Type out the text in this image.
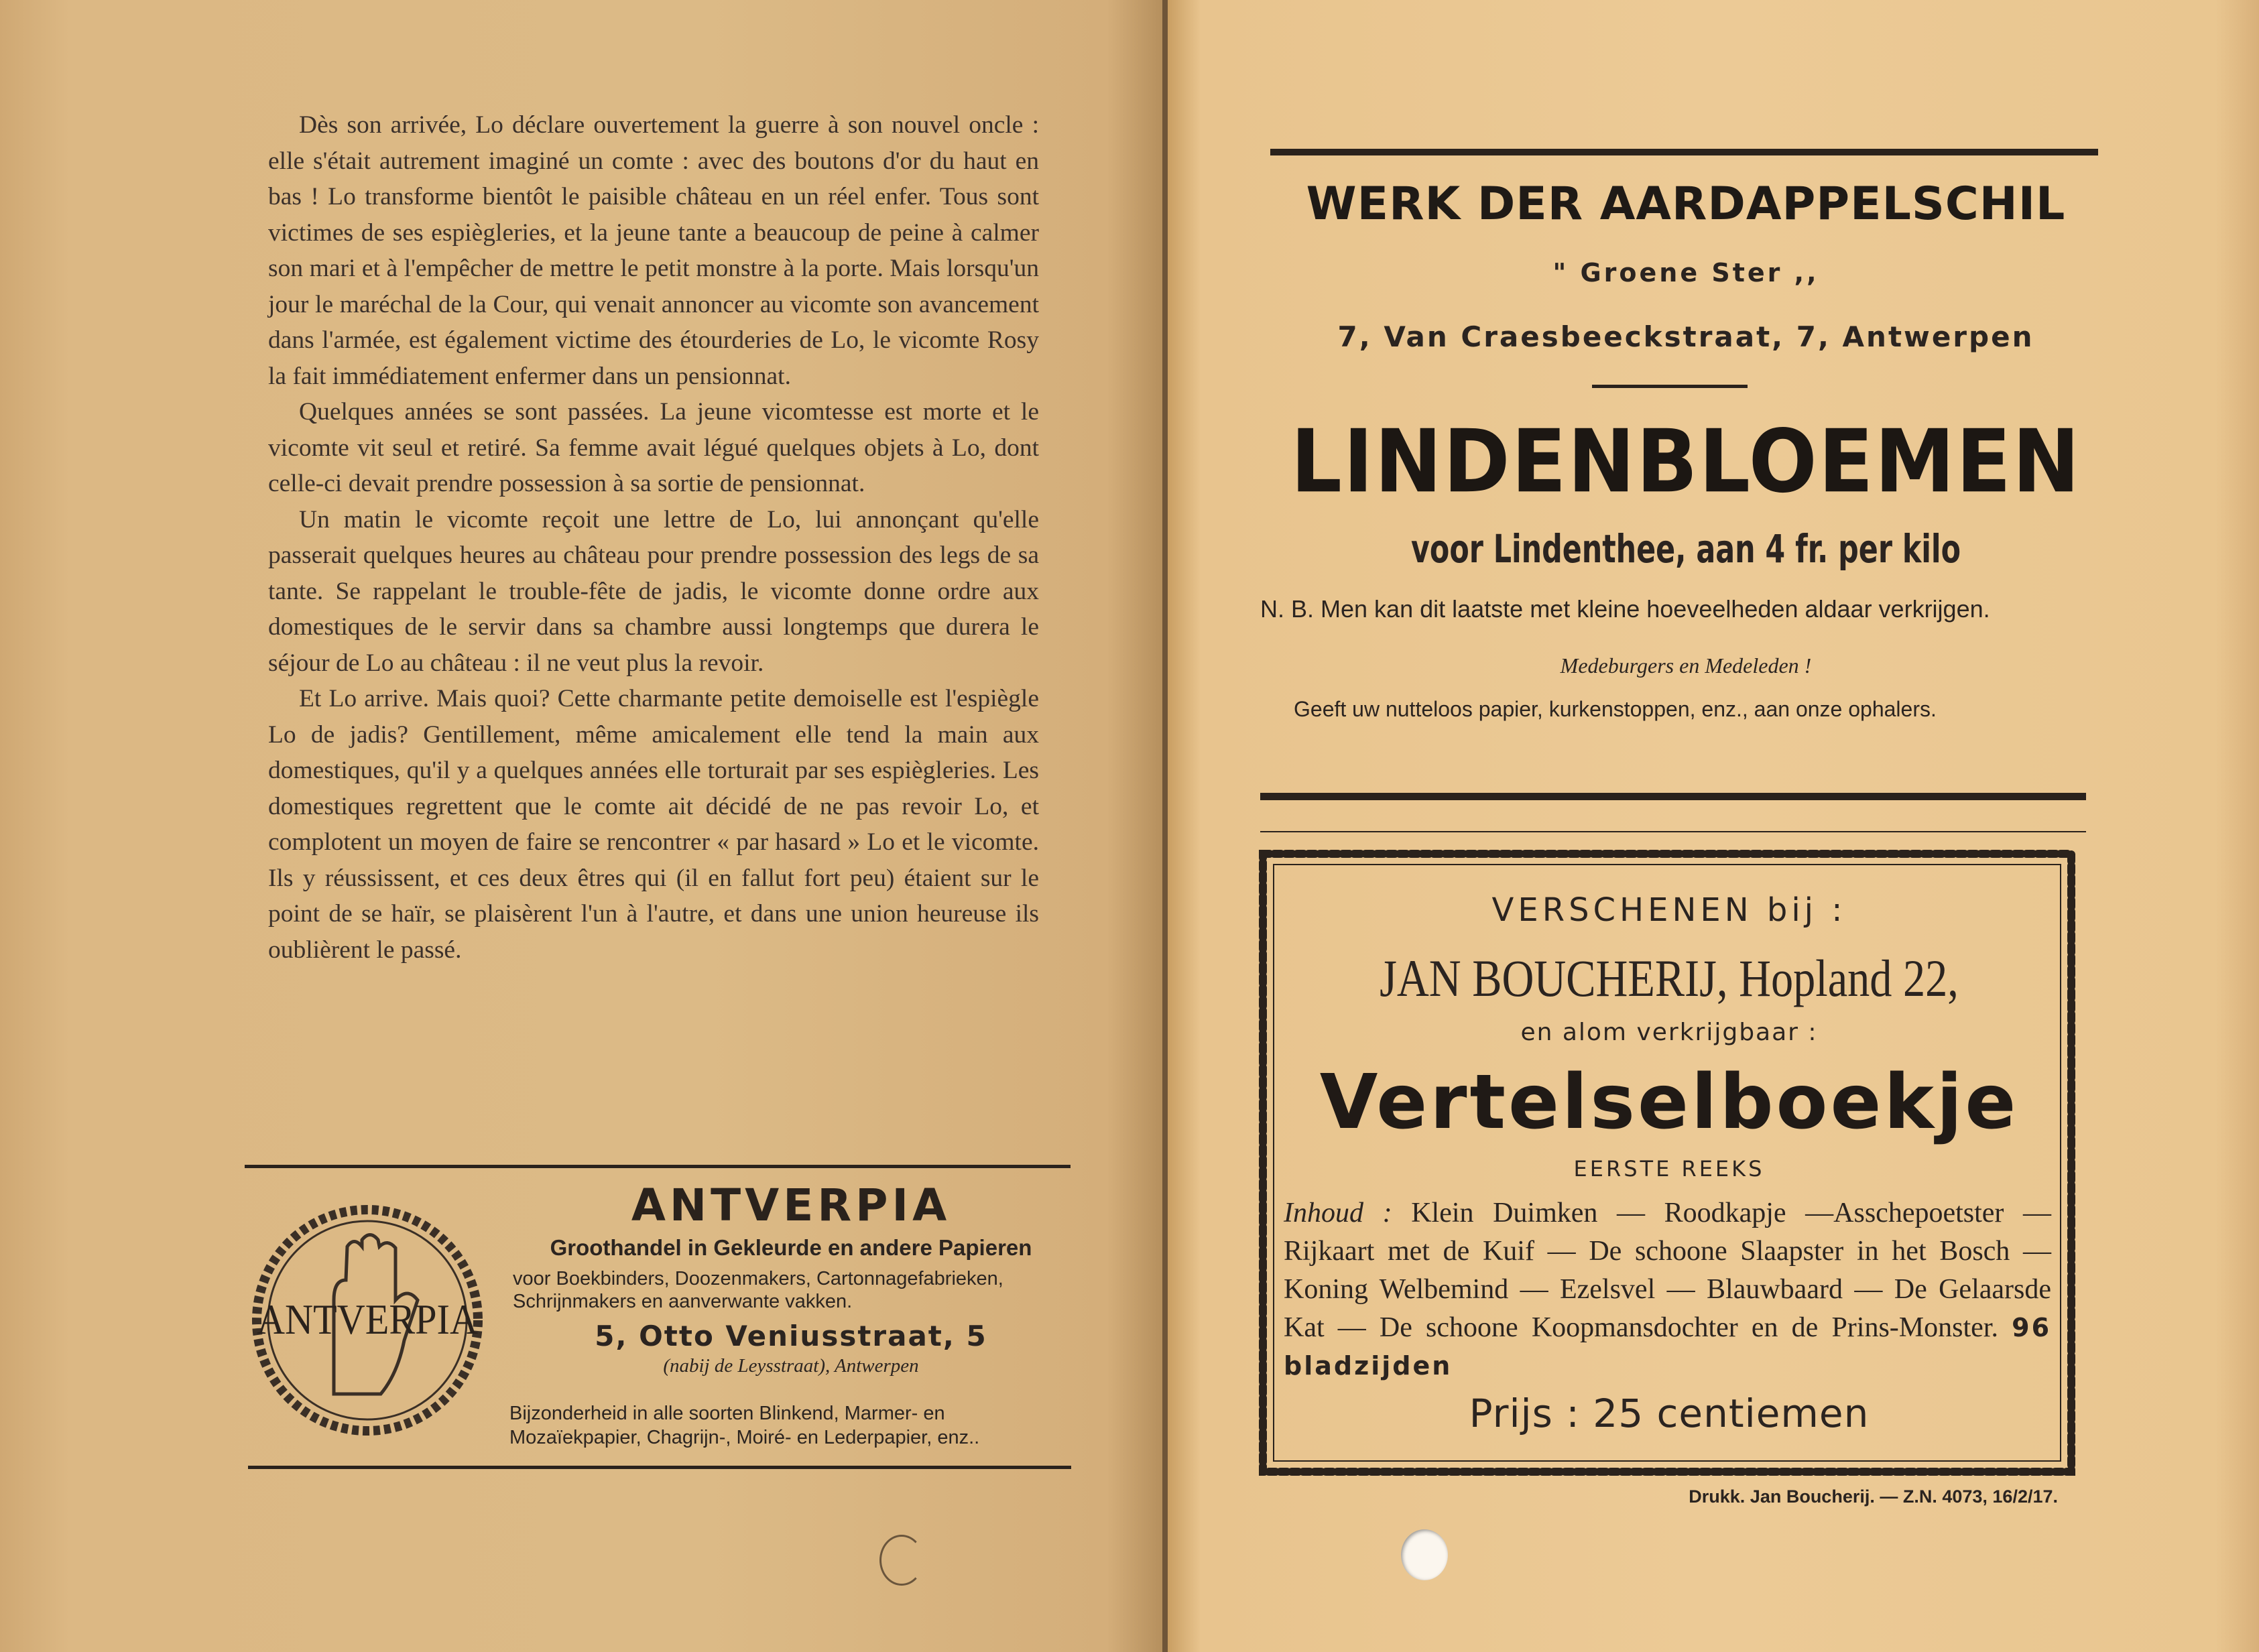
Dès son arrivée, Lo déclare ouvertement la guerre à son nouvel oncle : elle s'était autrement imaginé un comte : avec des boutons d'or du haut en bas ! Lo transforme bientôt le paisible château en un réel enfer. Tous sont victimes de ses espiègleries, et la jeune tante a beaucoup de peine à calmer son mari et à l'empêcher de mettre le petit monstre à la porte. Mais lorsqu'un jour le maréchal de la Cour, qui venait annoncer au vicomte son avancement dans l'armée, est également victime des étourderies de Lo, le vicomte Rosy la fait immédiatement enfermer dans un pensionnat.

Quelques années se sont passées. La jeune vicomtesse est morte et le vicomte vit seul et retiré. Sa femme avait légué quelques objets à Lo, dont celle-ci devait prendre possession à sa sortie de pensionnat.

Un matin le vicomte reçoit une lettre de Lo, lui annonçant qu'elle passerait quelques heures au château pour prendre possession des legs de sa tante. Se rappelant le trouble-fête de jadis, le vicomte donne ordre aux domestiques de le servir dans sa chambre aussi longtemps que durera le séjour de Lo au château : il ne veut plus la revoir.

Et Lo arrive. Mais quoi? Cette charmante petite demoiselle est l'espiègle Lo de jadis? Gentillement, même amicalement elle tend la main aux domestiques, qu'il y a quelques années elle torturait par ses espiègleries. Les domestiques regrettent que le comte ait décidé de ne pas revoir Lo, et complotent un moyen de faire se rencontrer « par hasard » Lo et le vicomte. Ils y réussissent, et ces deux êtres qui (il en fallut fort peu) étaient sur le point de se haïr, se plaisèrent l'un à l'autre, et dans une union heureuse ils oublièrent le passé.

ANTVERPIA

ANTVERPIA

Groothandel in Gekleurde en andere Papieren

voor Boekbinders, Doozenmakers, Cartonnagefabrieken, Schrijnmakers en aanverwante vakken.

5, Otto Veniusstraat, 5

(nabij de Leysstraat), Antwerpen

Bijzonderheid in alle soorten Blinkend, Marmer- en Mozaïekpapier, Chagrijn-, Moiré- en Lederpapier, enz..

WERK DER AARDAPPELSCHIL
" Groene Ster ,,
7, Van Craesbeeckstraat, 7, Antwerpen
LINDENBLOEMEN
voor Lindenthee, aan 4 fr. per kilo
N. B. Men kan dit laatste met kleine hoeveelheden aldaar verkrijgen.
Medeburgers en Medeleden !
Geeft uw nutteloos papier, kurkenstoppen, enz., aan onze ophalers.
VERSCHENEN bij :
JAN BOUCHERIJ, Hopland 22,
en alom verkrijgbaar :
Vertelselboekje
EERSTE REEKS
Inhoud : Klein Duimken — Roodkapje —Asschepoetster — Rijkaart met de Kuif — De schoone Slaapster in het Bosch — Koning Welbemind — Ezelsvel — Blauwbaard — De Gelaarsde Kat — De schoone Koopmansdochter en de Prins-Monster. 96 bladzijden
Prijs : 25 centiemen
Drukk. Jan Boucherij. — Z.N. 4073, 16/2/17.
